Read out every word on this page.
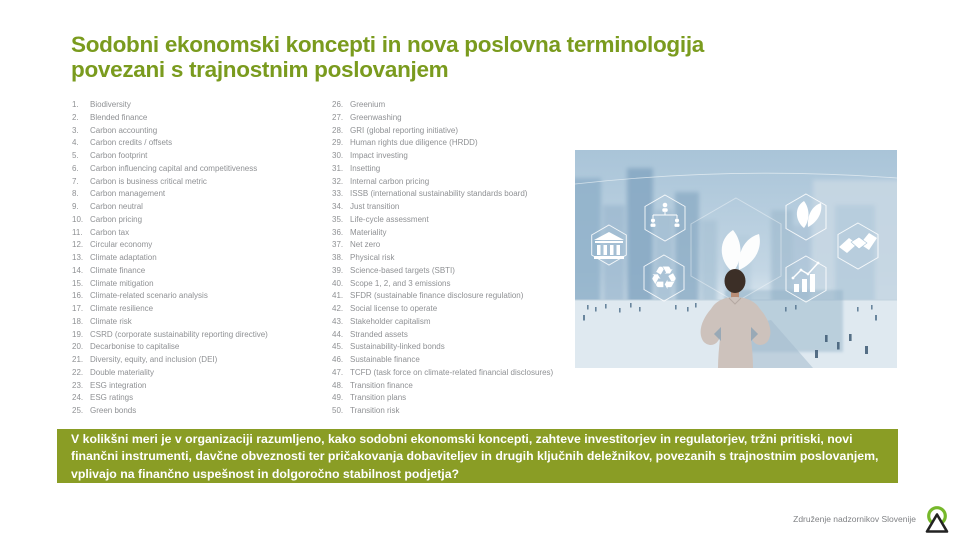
Sodobni ekonomski koncepti in nova poslovna terminologija
povezani s trajnostnim poslovanjem
1.	Biodiversity
2.	Blended finance
3.	Carbon accounting
4.	Carbon credits / offsets
5.	Carbon footprint
6.	Carbon influencing capital and competitiveness
7.	Carbon is business critical metric
8.	Carbon management
9.	Carbon neutral
10. Carbon pricing
11. Carbon tax
12. Circular economy
13. Climate adaptation
14. Climate finance
15. Climate mitigation
16. Climate-related scenario analysis
17. Climate resilience
18. Climate risk
19. CSRD (corporate sustainability reporting directive)
20. Decarbonise to capitalise
21. Diversity, equity, and inclusion (DEI)
22. Double materiality
23. ESG integration
24. ESG ratings
25. Green bonds
26. Greenium
27. Greenwashing
28. GRI (global reporting initiative)
29. Human rights due diligence (HRDD)
30. Impact investing
31. Insetting
32. Internal carbon pricing
33. ISSB (international sustainability standards board)
34. Just transition
35. Life-cycle assessment
36. Materiality
37. Net zero
38. Physical risk
39. Science-based targets (SBTI)
40. Scope 1, 2, and 3 emissions
41. SFDR (sustainable finance disclosure regulation)
42. Social license to operate
43. Stakeholder capitalism
44. Stranded assets
45. Sustainability-linked bonds
46. Sustainable finance
47. TCFD (task force on climate-related financial disclosures)
48. Transition finance
49. Transition plans
50. Transition risk
♻
V kolikšni meri je v organizaciji razumljeno, kako sodobni ekonomski koncepti, zahteve investitorjev in regulatorjev, tržni pritiski, novi finančni instrumenti, davčne obveznosti ter pričakovanja dobaviteljev in drugih ključnih deležnikov, povezanih s trajnostnim poslovanjem, vplivajo na finančno uspešnost in dolgoročno stabilnost podjetja?
Združenje nadzornikov Slovenije
